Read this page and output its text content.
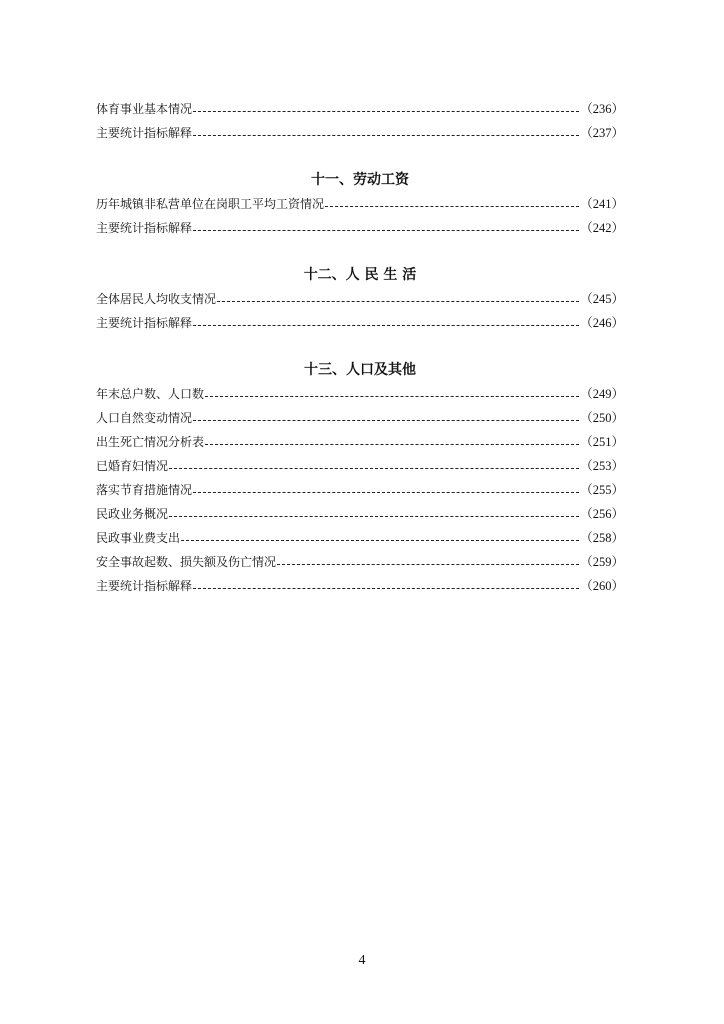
体育事业基本情况	（236）
主要统计指标解释	（237）
十一、劳动工资
历年城镇非私营单位在岗职工平均工资情况	（241）
主要统计指标解释	（242）
十二、人 民 生 活
全体居民人均收支情况	（245）
主要统计指标解释	（246）
十三、人口及其他
年末总户数、人口数	（249）
人口自然变动情况	（250）
出生死亡情况分析表	（251）
已婚育妇情况	（253）
落实节育措施情况	（255）
民政业务概况	（256）
民政事业费支出	（258）
安全事故起数、损失额及伤亡情况	（259）
主要统计指标解释	（260）
4
